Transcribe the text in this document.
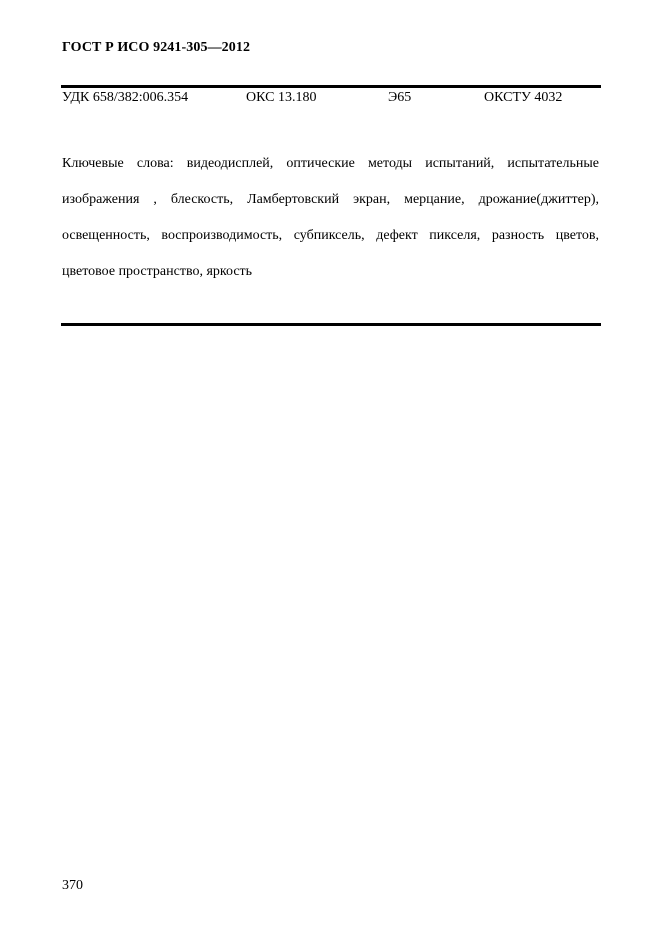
ГОСТ Р ИСО 9241-305—2012
УДК 658/382:006.354	ОКС 13.180	Э65	ОКСТУ 4032
Ключевые слова: видеодисплей, оптические методы испытаний, испытательные изображения , блескость, Ламбертовский экран, мерцание, дрожание(джиттер), освещенность, воспроизводимость, субпиксель, дефект пикселя, разность цветов, цветовое пространство, яркость
370
